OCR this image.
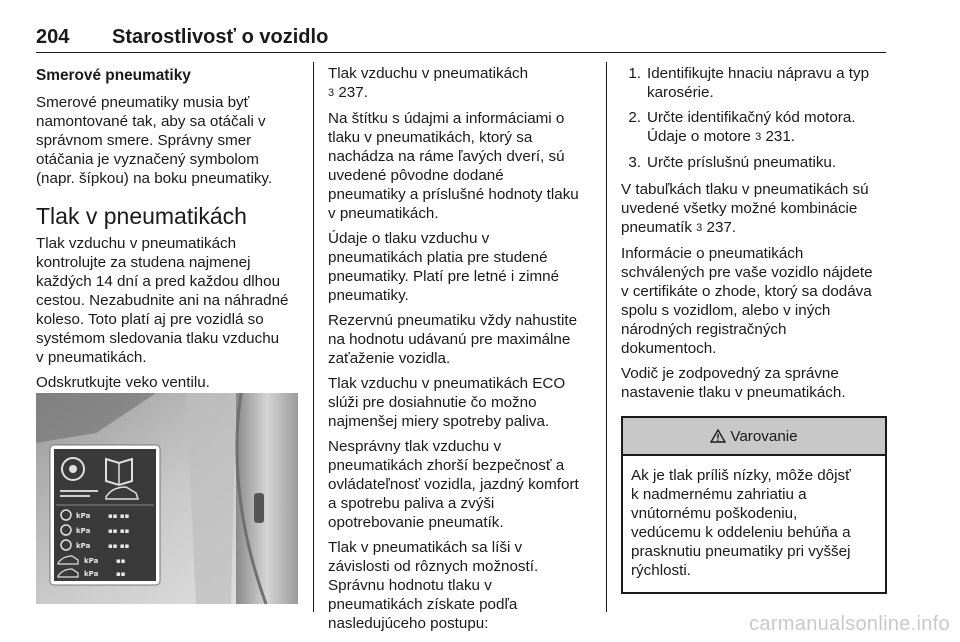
204 Starostlivosť o vozidlo
Smerové pneumatiky

Smerové pneumatiky musia byť
namontované tak, aby sa otáčali v
správnom smere. Správny smer
otáčania je vyznačený symbolom
(napr. šípkou) na boku pneumatiky.

Tlak v pneumatikách

Tlak vzduchu v pneumatikách
kontrolujte za studena najmenej
každých 14 dní a pred každou dlhou
cestou. Nezabudnite ani na náhradné
koleso. Toto platí aj pre vozidlá so
systémom sledovania tlaku vzduchu
v pneumatikách.

Odskrutkujte veko ventilu.

kPa	▪▪ ▪▪
kPa	▪▪ ▪▪
kPa	▪▪ ▪▪
kPa	▪▪
kPa	▪▪

Tlak vzduchu v pneumatikách
3 237.

Na štítku s údajmi a informáciami o
tlaku v pneumatikách, ktorý sa
nachádza na ráme ľavých dverí, sú
uvedené pôvodne dodané
pneumatiky a príslušné hodnoty tlaku
v pneumatikách.

Údaje o tlaku vzduchu v
pneumatikách platia pre studené
pneumatiky. Platí pre letné i zimné
pneumatiky.

Rezervnú pneumatiku vždy nahustite
na hodnotu udávanú pre maximálne
zaťaženie vozidla.

Tlak vzduchu v pneumatikách ECO
slúži pre dosiahnutie čo možno
najmenšej miery spotreby paliva.

Nesprávny tlak vzduchu v
pneumatikách zhorší bezpečnosť a
ovládateľnosť vozidla, jazdný komfort
a spotrebu paliva a zvýši
opotrebovanie pneumatík.

Tlak v pneumatikách sa líši v
závislosti od rôznych možností.
Správnu hodnotu tlaku v
pneumatikách získate podľa
nasledujúceho postupu:

1. Identifikujte hnaciu nápravu a typ
karosérie.
2. Určte identifikačný kód motora.
Údaje o motore 3 231.
3. Určte príslušnú pneumatiku.

V tabuľkách tlaku v pneumatikách sú
uvedené všetky možné kombinácie
pneumatík 3 237.

Informácie o pneumatikách
schválených pre vaše vozidlo nájdete
v certifikáte o zhode, ktorý sa dodáva
spolu s vozidlom, alebo v iných
národných registračných
dokumentoch.

Vodič je zodpovedný za správne
nastavenie tlaku v pneumatikách.

Varovanie
Ak je tlak príliš nízky, môže dôjsť
k nadmernému zahriatiu a
vnútornému poškodeniu,
vedúcemu k oddeleniu behúňa a
prasknutiu pneumatiky pri vyššej
rýchlosti.
carmanualsonline.info
